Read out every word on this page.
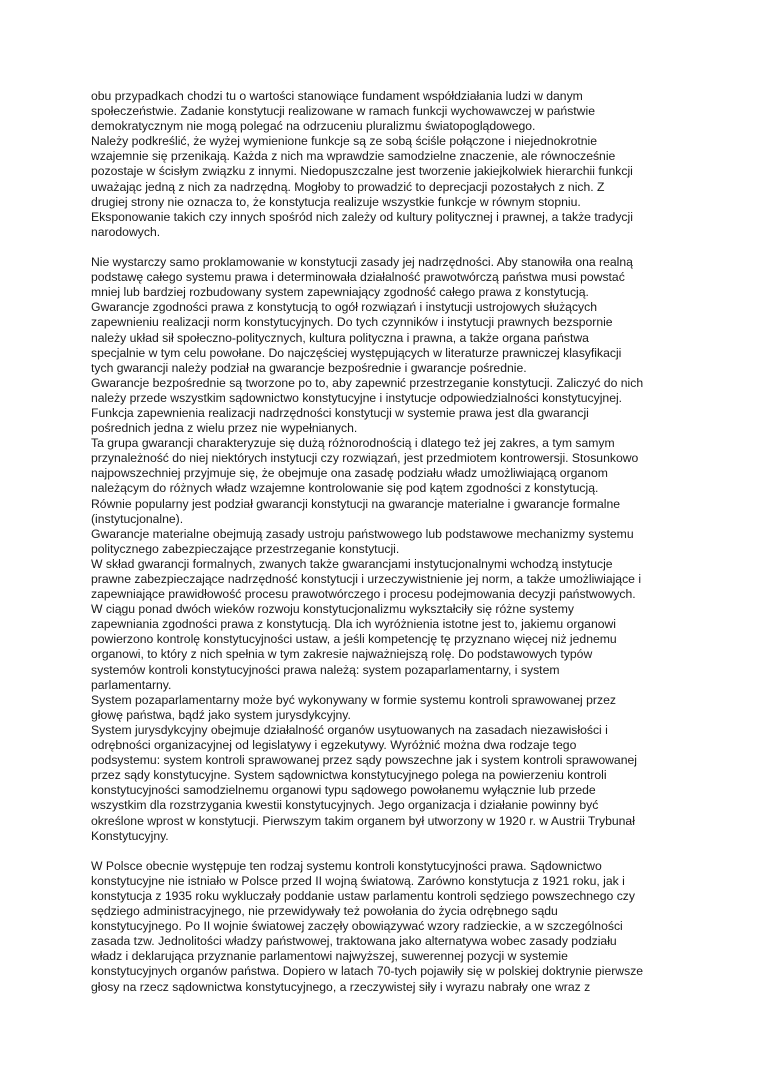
obu przypadkach chodzi tu o wartości stanowiące fundament współdziałania ludzi w danym
społeczeństwie. Zadanie konstytucji realizowane w ramach funkcji wychowawczej w państwie
demokratycznym nie mogą polegać na odrzuceniu pluralizmu światopoglądowego.
Należy podkreślić, że wyżej wymienione funkcje są ze sobą ściśle połączone i niejednokrotnie
wzajemnie się przenikają. Każda z nich ma wprawdzie samodzielne znaczenie, ale równocześnie
pozostaje w ścisłym związku z innymi. Niedopuszczalne jest tworzenie jakiejkolwiek hierarchii funkcji
uważając jedną z nich za nadrzędną. Mogłoby to prowadzić to deprecjacji pozostałych z nich. Z
drugiej strony nie oznacza to, że konstytucja realizuje wszystkie funkcje w równym stopniu.
Eksponowanie takich czy innych spośród nich zależy od kultury politycznej i prawnej, a także tradycji
narodowych.
Nie wystarczy samo proklamowanie w konstytucji zasady jej nadrzędności. Aby stanowiła ona realną
podstawę całego systemu prawa i determinowała działalność prawotwórczą państwa musi powstać
mniej lub bardziej rozbudowany system zapewniający zgodność całego prawa z konstytucją.
Gwarancje zgodności prawa z konstytucją to ogół rozwiązań i instytucji ustrojowych służących
zapewnieniu realizacji norm konstytucyjnych. Do tych czynników i instytucji prawnych bezspornie
należy układ sił społeczno-politycznych, kultura polityczna i prawna, a także organa państwa
specjalnie w tym celu powołane. Do najczęściej występujących w literaturze prawniczej klasyfikacji
tych gwarancji należy podział na gwarancje bezpośrednie i gwarancje pośrednie.
Gwarancje bezpośrednie są tworzone po to, aby zapewnić przestrzeganie konstytucji. Zaliczyć do nich
należy przede wszystkim sądownictwo konstytucyjne i instytucje odpowiedzialności konstytucyjnej.
Funkcja zapewnienia realizacji nadrzędności konstytucji w systemie prawa jest dla gwarancji
pośrednich jedna z wielu przez nie wypełnianych.
Ta grupa gwarancji charakteryzuje się dużą różnorodnością i dlatego też jej zakres, a tym samym
przynależność do niej niektórych instytucji czy rozwiązań, jest przedmiotem kontrowersji. Stosunkowo
najpowszechniej przyjmuje się, że obejmuje ona zasadę podziału władz umożliwiającą organom
należącym do różnych władz wzajemne kontrolowanie się pod kątem zgodności z konstytucją.
Równie popularny jest podział gwarancji konstytucji na gwarancje materialne i gwarancje formalne
(instytucjonalne).
Gwarancje materialne obejmują zasady ustroju państwowego lub podstawowe mechanizmy systemu
politycznego zabezpieczające przestrzeganie konstytucji.
W skład gwarancji formalnych, zwanych także gwarancjami instytucjonalnymi wchodzą instytucje
prawne zabezpieczające nadrzędność konstytucji i urzeczywistnienie jej norm, a także umożliwiające i
zapewniające prawidłowość procesu prawotwórczego i procesu podejmowania decyzji państwowych.
W ciągu ponad dwóch wieków rozwoju konstytucjonalizmu wykształciły się różne systemy
zapewniania zgodności prawa z konstytucją. Dla ich wyróżnienia istotne jest to, jakiemu organowi
powierzono kontrolę konstytucyjności ustaw, a jeśli kompetencję tę przyznano więcej niż jednemu
organowi, to który z nich spełnia w tym zakresie najważniejszą rolę. Do podstawowych typów
systemów kontroli konstytucyjności prawa należą: system pozaparlamentarny, i system
parlamentarny.
System pozaparlamentarny może być wykonywany w formie systemu kontroli sprawowanej przez
głowę państwa, bądź jako system jurysdykcyjny.
System jurysdykcyjny obejmuje działalność organów usytuowanych na zasadach niezawisłości i
odrębności organizacyjnej od legislatywy i egzekutywy. Wyróżnić można dwa rodzaje tego
podsystemu: system kontroli sprawowanej przez sądy powszechne jak i system kontroli sprawowanej
przez sądy konstytucyjne. System sądownictwa konstytucyjnego polega na powierzeniu kontroli
konstytucyjności samodzielnemu organowi typu sądowego powołanemu wyłącznie lub przede
wszystkim dla rozstrzygania kwestii konstytucyjnych. Jego organizacja i działanie powinny być
określone wprost w konstytucji. Pierwszym takim organem był utworzony w 1920 r. w Austrii Trybunał
Konstytucyjny.
W Polsce obecnie występuje ten rodzaj systemu kontroli konstytucyjności prawa. Sądownictwo
konstytucyjne nie istniało w Polsce przed II wojną światową. Zarówno konstytucja z 1921 roku, jak i
konstytucja z 1935 roku wykluczały poddanie ustaw parlamentu kontroli sędziego powszechnego czy
sędziego administracyjnego, nie przewidywały też powołania do życia odrębnego sądu
konstytucyjnego. Po II wojnie światowej zaczęły obowiązywać wzory radzieckie, a w szczególności
zasada tzw. Jednolitości władzy państwowej, traktowana jako alternatywa wobec zasady podziału
władz i deklarująca przyznanie parlamentowi najwyższej, suwerennej pozycji w systemie
konstytucyjnych organów państwa. Dopiero w latach 70-tych pojawiły się w polskiej doktrynie pierwsze
głosy na rzecz sądownictwa konstytucyjnego, a rzeczywistej siły i wyrazu nabrały one wraz z
